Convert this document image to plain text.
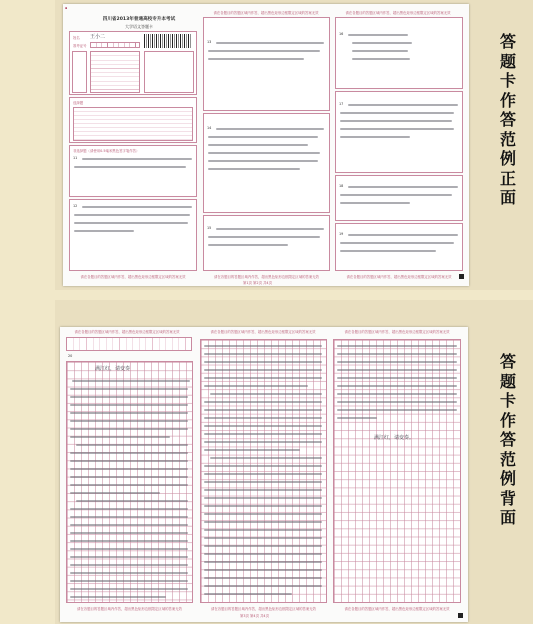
▪
请在各题目的答题区域内作答，超出黑色矩形边框限定区域的答案无效	请在各题目的答题区域内作答，超出黑色矩形边框限定区域的答案无效
四川省2013年普通高校专升本考试
大学语文答题卡
姓名 王小二
准考证号
选择题
非选择题（请使用0.5毫米黑色签字笔作答）
11
12
13
14
15
16
17
18
19
请在各题目的答题区域内作答，超出黑色矩形边框限定区域的答案无效	请在各题目的答题区域内作答，超出黑色矩形边框限定区域的答案无效	请在各题目的答题区域内作答，超出黑色矩形边框限定区域的答案无效
第1页 第2页 共4页
答
题
卡
作
答
范
例
正
面
请在各题目的答题区域内作答，超出黑色矩形边框限定区域的答案无效	请在各题目的答题区域内作答，超出黑色矩形边框限定区域的答案无效	请在各题目的答题区域内作答，超出黑色矩形边框限定区域的答案无效
20
满江红，请变奏
满江红，请变奏。
请在各题目的答题区域内作答，超出黑色矩形边框限定区域的答案无效	请在各题目的答题区域内作答，超出黑色矩形边框限定区域的答案无效	请在各题目的答题区域内作答，超出黑色矩形边框限定区域的答案无效
第3页 第4页 共4页
答
题
卡
作
答
范
例
背
面
